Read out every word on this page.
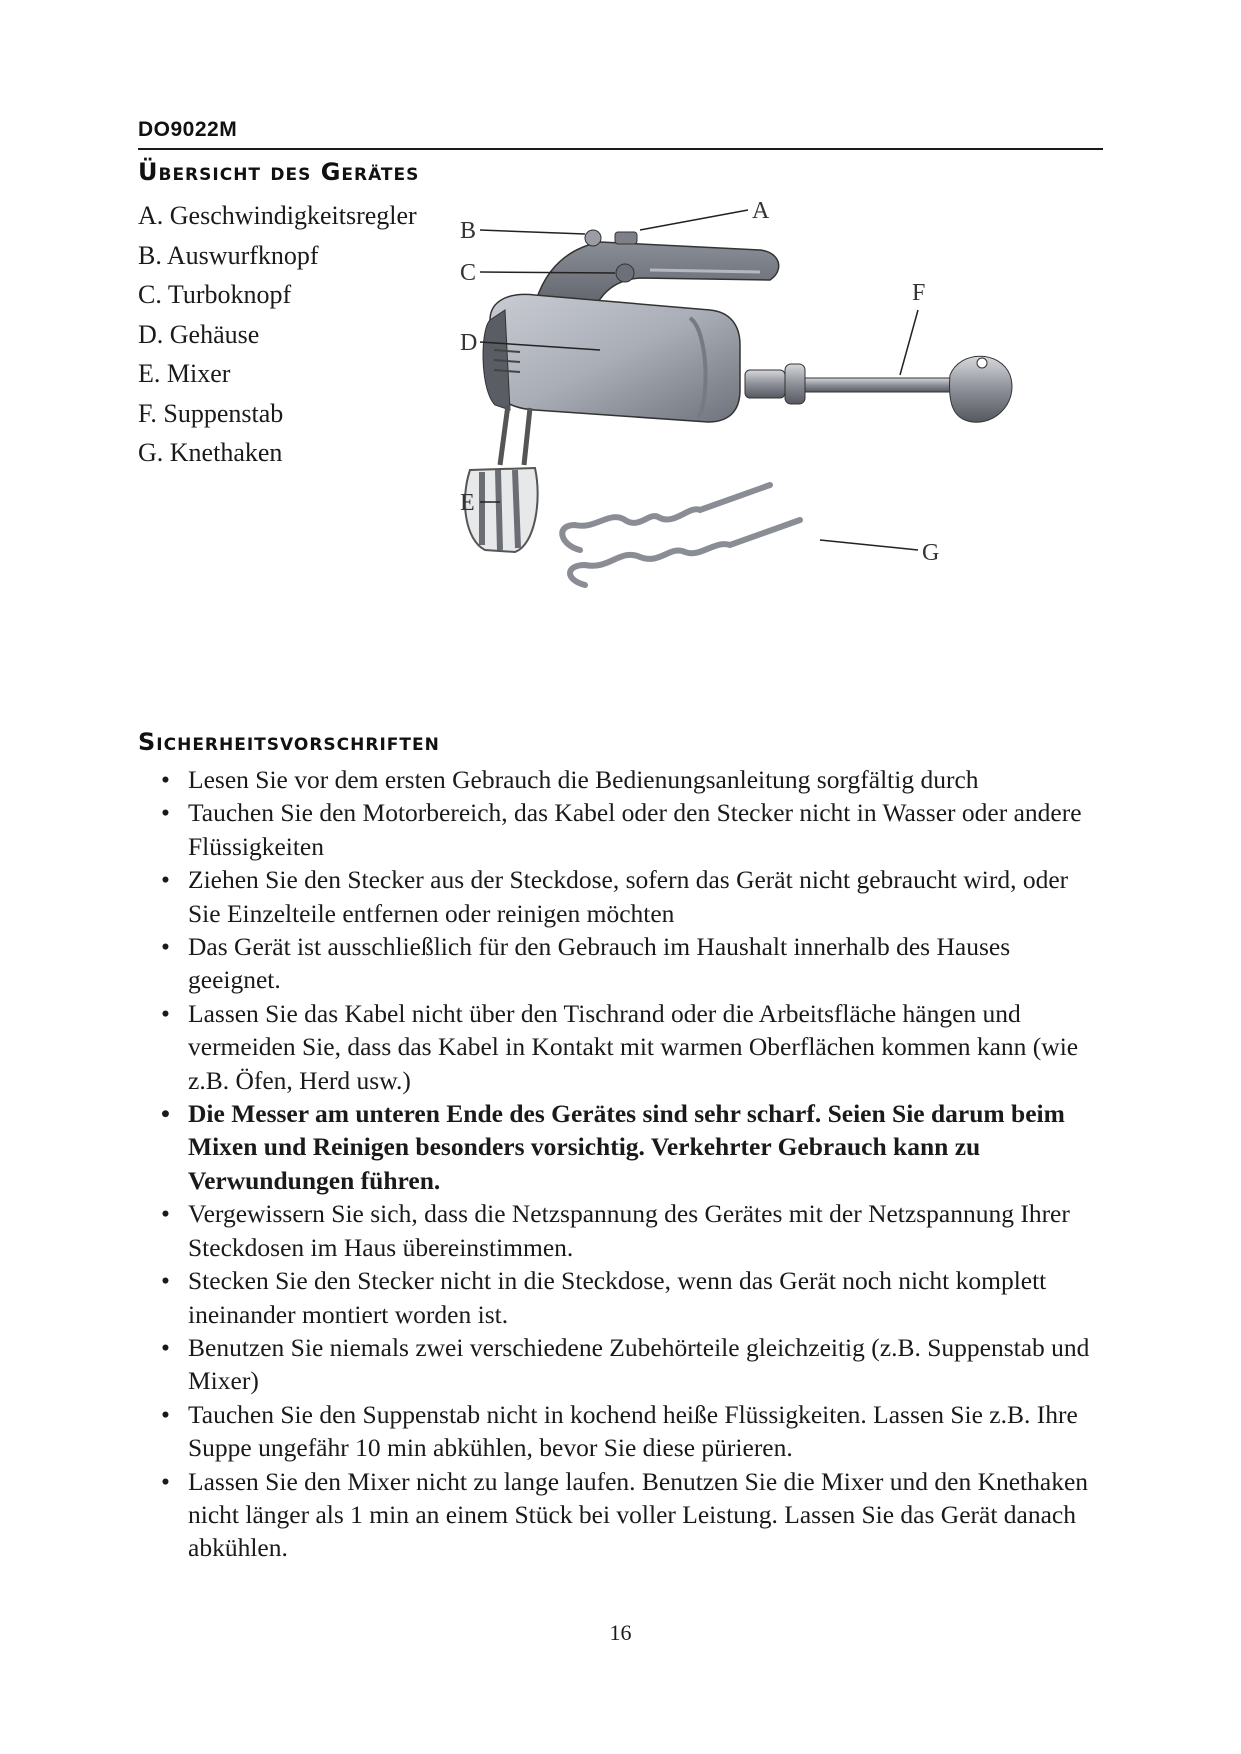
DO9022M
Übersicht des Gerätes
A. Geschwindigkeitsregler
B. Auswurfknopf
C. Turboknopf
D. Gehäuse
E. Mixer
F. Suppenstab
G. Knethaken
A
B
C
D
E
F
G
Sicherheitsvorschriften
• Lesen Sie vor dem ersten Gebrauch die Bedienungsanleitung sorgfältig durch
• Tauchen Sie den Motorbereich, das Kabel oder den Stecker nicht in Wasser oder andere Flüssigkeiten
• Ziehen Sie den Stecker aus der Steckdose, sofern das Gerät nicht gebraucht wird, oder Sie Einzelteile entfernen oder reinigen möchten
• Das Gerät ist ausschließlich für den Gebrauch im Haushalt innerhalb des Hauses geeignet.
• Lassen Sie das Kabel nicht über den Tischrand oder die Arbeitsfläche hängen und vermeiden Sie, dass das Kabel in Kontakt mit warmen Oberflächen kommen kann (wie z.B. Öfen, Herd usw.)
• Die Messer am unteren Ende des Gerätes sind sehr scharf. Seien Sie darum beim Mixen und Reinigen besonders vorsichtig. Verkehrter Gebrauch kann zu Verwundungen führen.
• Vergewissern Sie sich, dass die Netzspannung des Gerätes mit der Netzspannung Ihrer Steckdosen im Haus übereinstimmen.
• Stecken Sie den Stecker nicht in die Steckdose, wenn das Gerät noch nicht komplett ineinander montiert worden ist.
• Benutzen Sie niemals zwei verschiedene Zubehörteile gleichzeitig (z.B. Suppenstab und Mixer)
• Tauchen Sie den Suppenstab nicht in kochend heiße Flüssigkeiten. Lassen Sie z.B. Ihre Suppe ungefähr 10 min abkühlen, bevor Sie diese pürieren.
• Lassen Sie den Mixer nicht zu lange laufen. Benutzen Sie die Mixer und den Knethaken nicht länger als 1 min an einem Stück bei voller Leistung. Lassen Sie das Gerät danach abkühlen.
16
